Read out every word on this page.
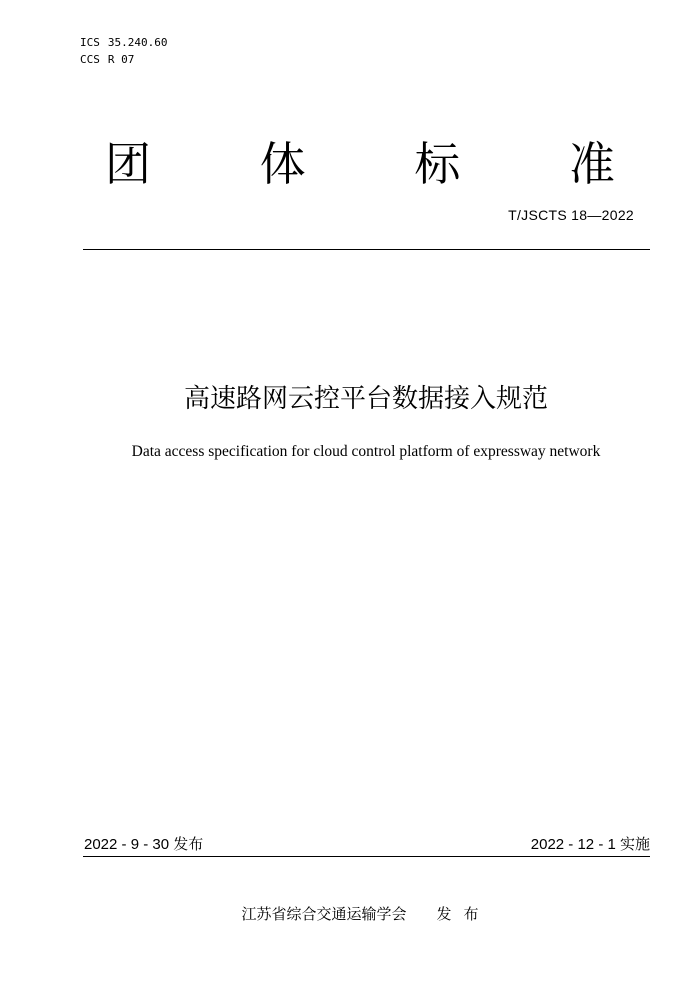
ICS 35.240.60
CCS R 07
团 体 标 准
T/JSCTS 18—2022
高速路网云控平台数据接入规范
Data access specification for cloud control platform of expressway network
2022 - 9 - 30 发布	2022 - 12 - 1 实施
江苏省综合交通运输学会 发布
